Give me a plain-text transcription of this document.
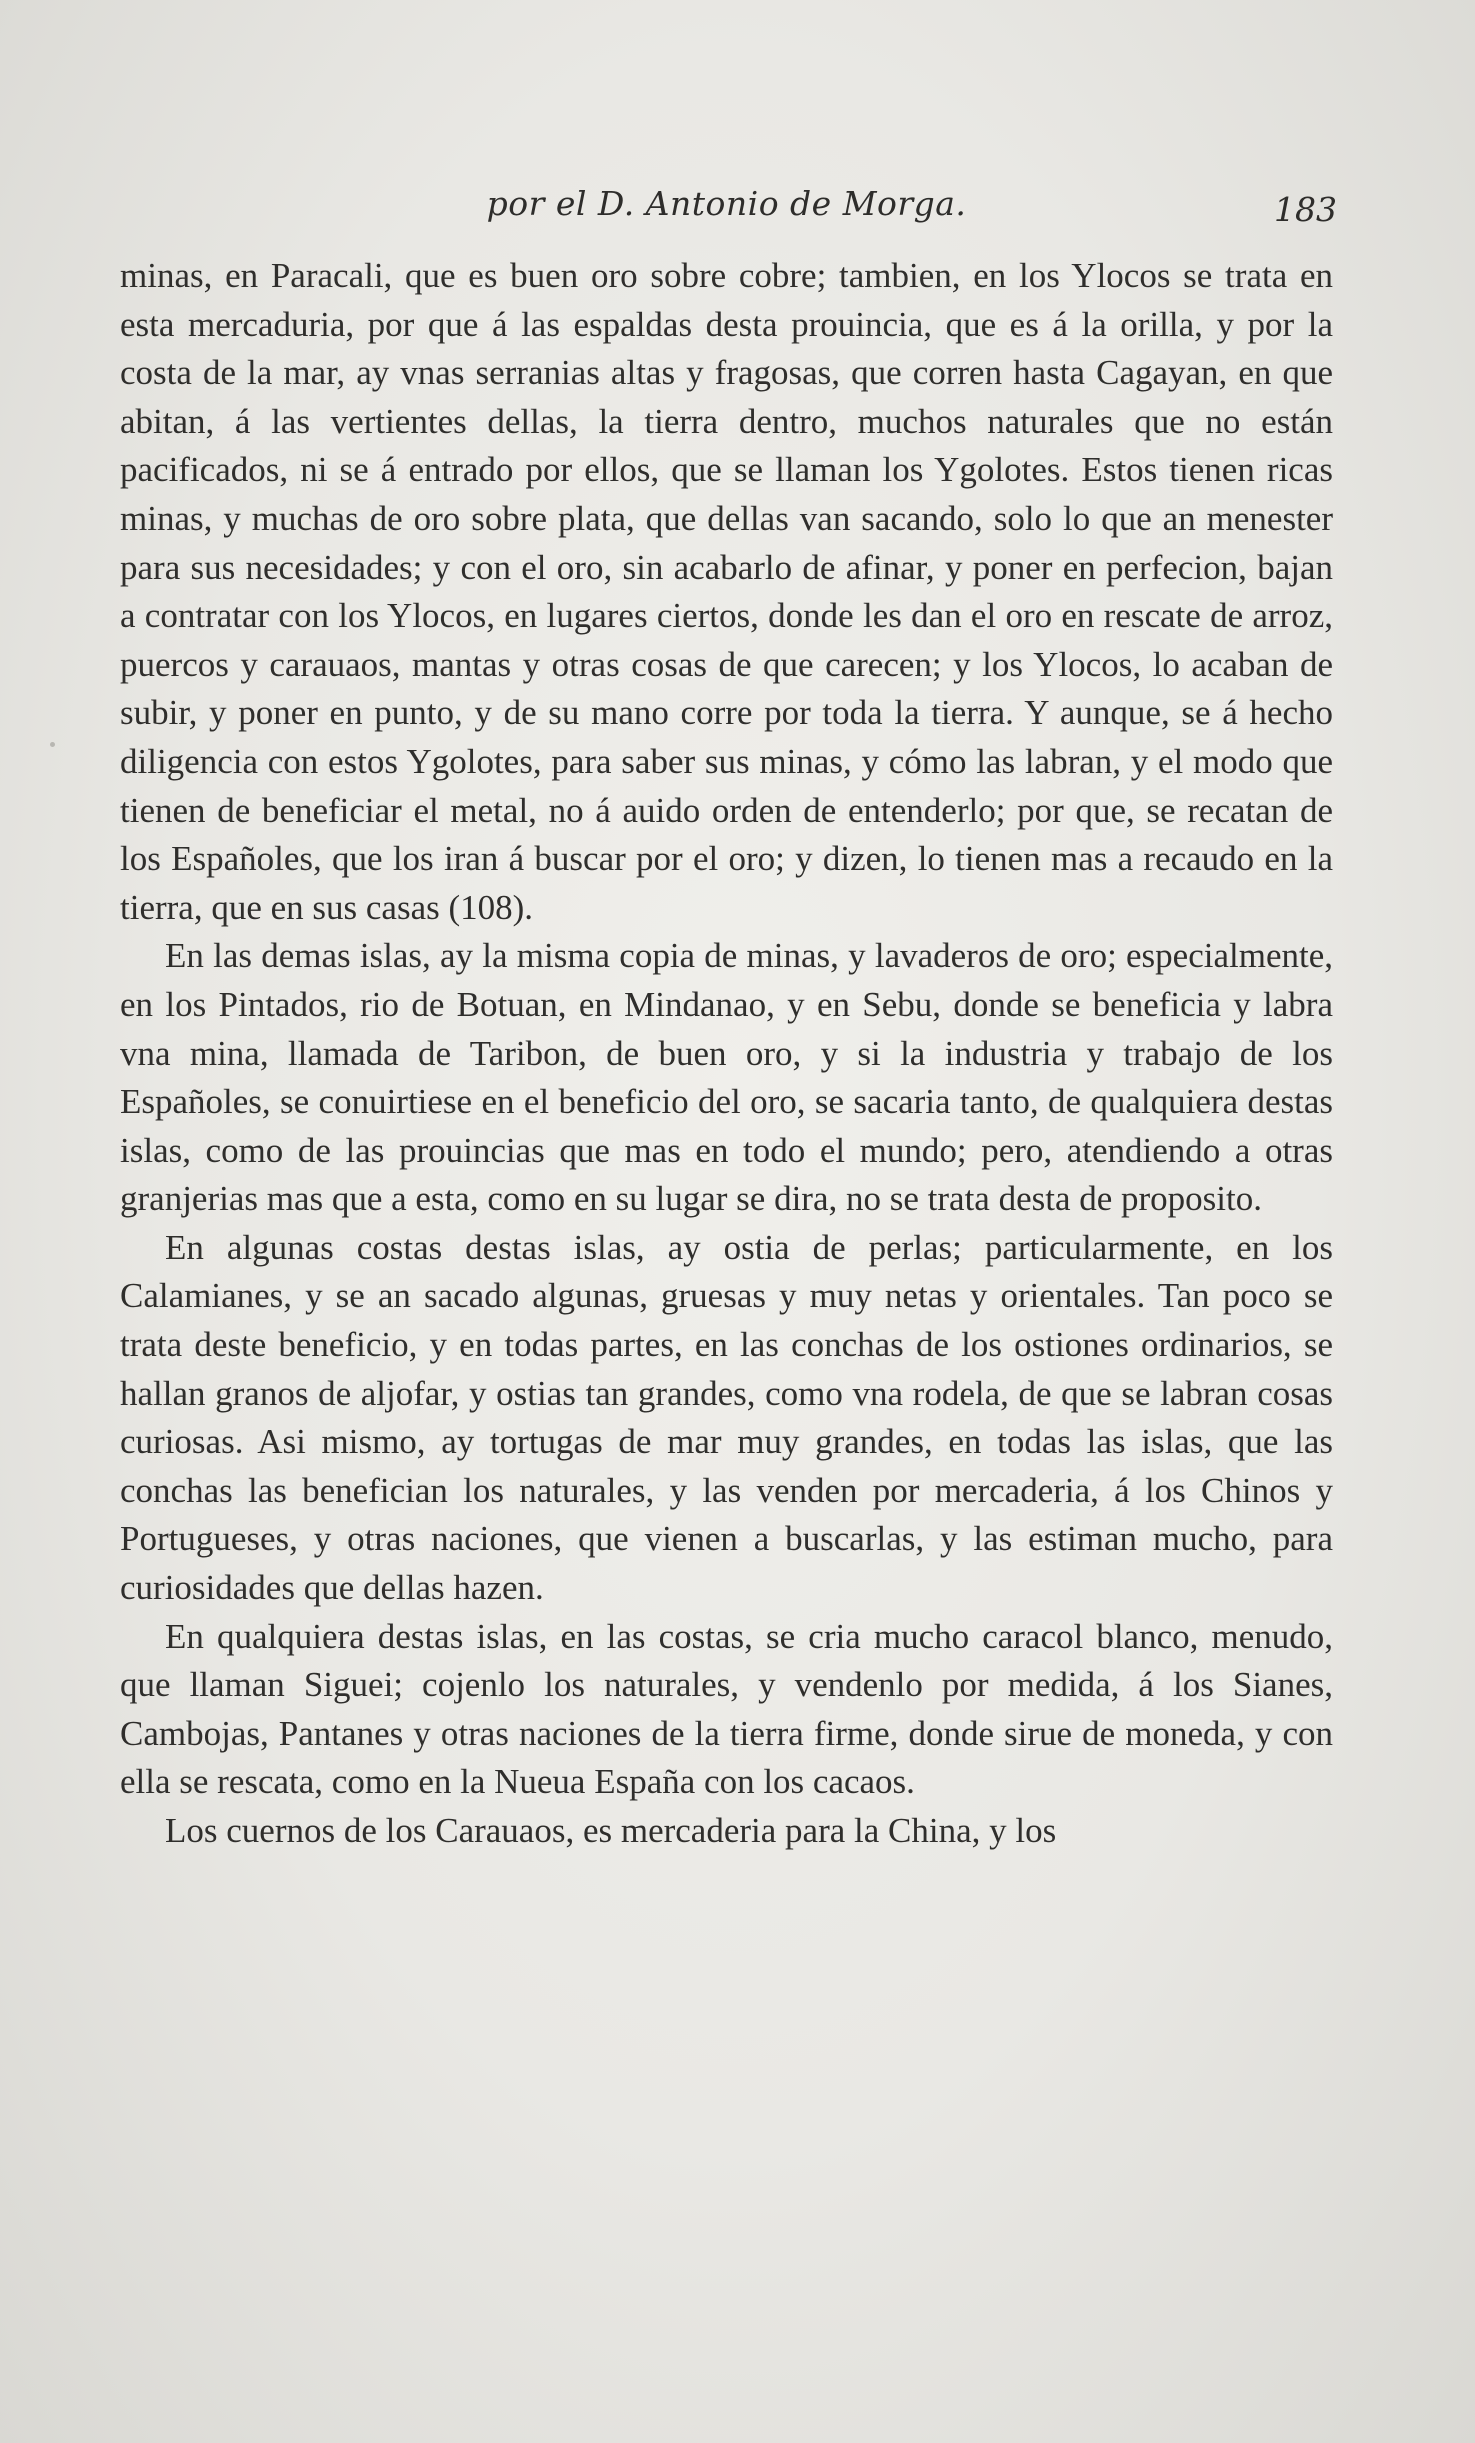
por el D. Antonio de Morga.	183

minas, en Paracali, que es buen oro sobre cobre; tambien, en los Ylocos se trata en esta mercaduria, por que á las espaldas desta prouincia, que es á la orilla, y por la costa de la mar, ay vnas serranias altas y fragosas, que corren hasta Cagayan, en que abitan, á las vertientes dellas, la tierra dentro, muchos naturales que no están pacificados, ni se á entrado por ellos, que se llaman los Ygolotes. Estos tienen ricas minas, y muchas de oro sobre plata, que dellas van sacando, solo lo que an menester para sus necesidades; y con el oro, sin acabarlo de afinar, y poner en perfecion, bajan a contratar con los Ylocos, en lugares ciertos, donde les dan el oro en rescate de arroz, puercos y carauaos, mantas y otras cosas de que carecen; y los Ylocos, lo acaban de subir, y poner en punto, y de su mano corre por toda la tierra. Y aunque, se á hecho diligencia con estos Ygolotes, para saber sus minas, y cómo las labran, y el modo que tienen de beneficiar el metal, no á auido orden de entenderlo; por que, se recatan de los Españoles, que los iran á buscar por el oro; y dizen, lo tienen mas a recaudo en la tierra, que en sus casas (108).

En las demas islas, ay la misma copia de minas, y lavaderos de oro; especialmente, en los Pintados, rio de Botuan, en Mindanao, y en Sebu, donde se beneficia y labra vna mina, llamada de Taribon, de buen oro, y si la industria y trabajo de los Españoles, se conuirtiese en el beneficio del oro, se sacaria tanto, de qualquiera destas islas, como de las prouincias que mas en todo el mundo; pero, atendiendo a otras granjerias mas que a esta, como en su lugar se dira, no se trata desta de proposito.

En algunas costas destas islas, ay ostia de perlas; particularmente, en los Calamianes, y se an sacado algunas, gruesas y muy netas y orientales. Tan poco se trata deste beneficio, y en todas partes, en las conchas de los ostiones ordinarios, se hallan granos de aljofar, y ostias tan grandes, como vna rodela, de que se labran cosas curiosas. Asi mismo, ay tortugas de mar muy grandes, en todas las islas, que las conchas las benefician los naturales, y las venden por mercaderia, á los Chinos y Portugueses, y otras naciones, que vienen a buscarlas, y las estiman mucho, para curiosidades que dellas hazen.

En qualquiera destas islas, en las costas, se cria mucho caracol blanco, menudo, que llaman Siguei; cojenlo los naturales, y vendenlo por medida, á los Sianes, Cambojas, Pantanes y otras naciones de la tierra firme, donde sirue de moneda, y con ella se rescata, como en la Nueua España con los cacaos.

Los cuernos de los Carauaos, es mercaderia para la China, y los
